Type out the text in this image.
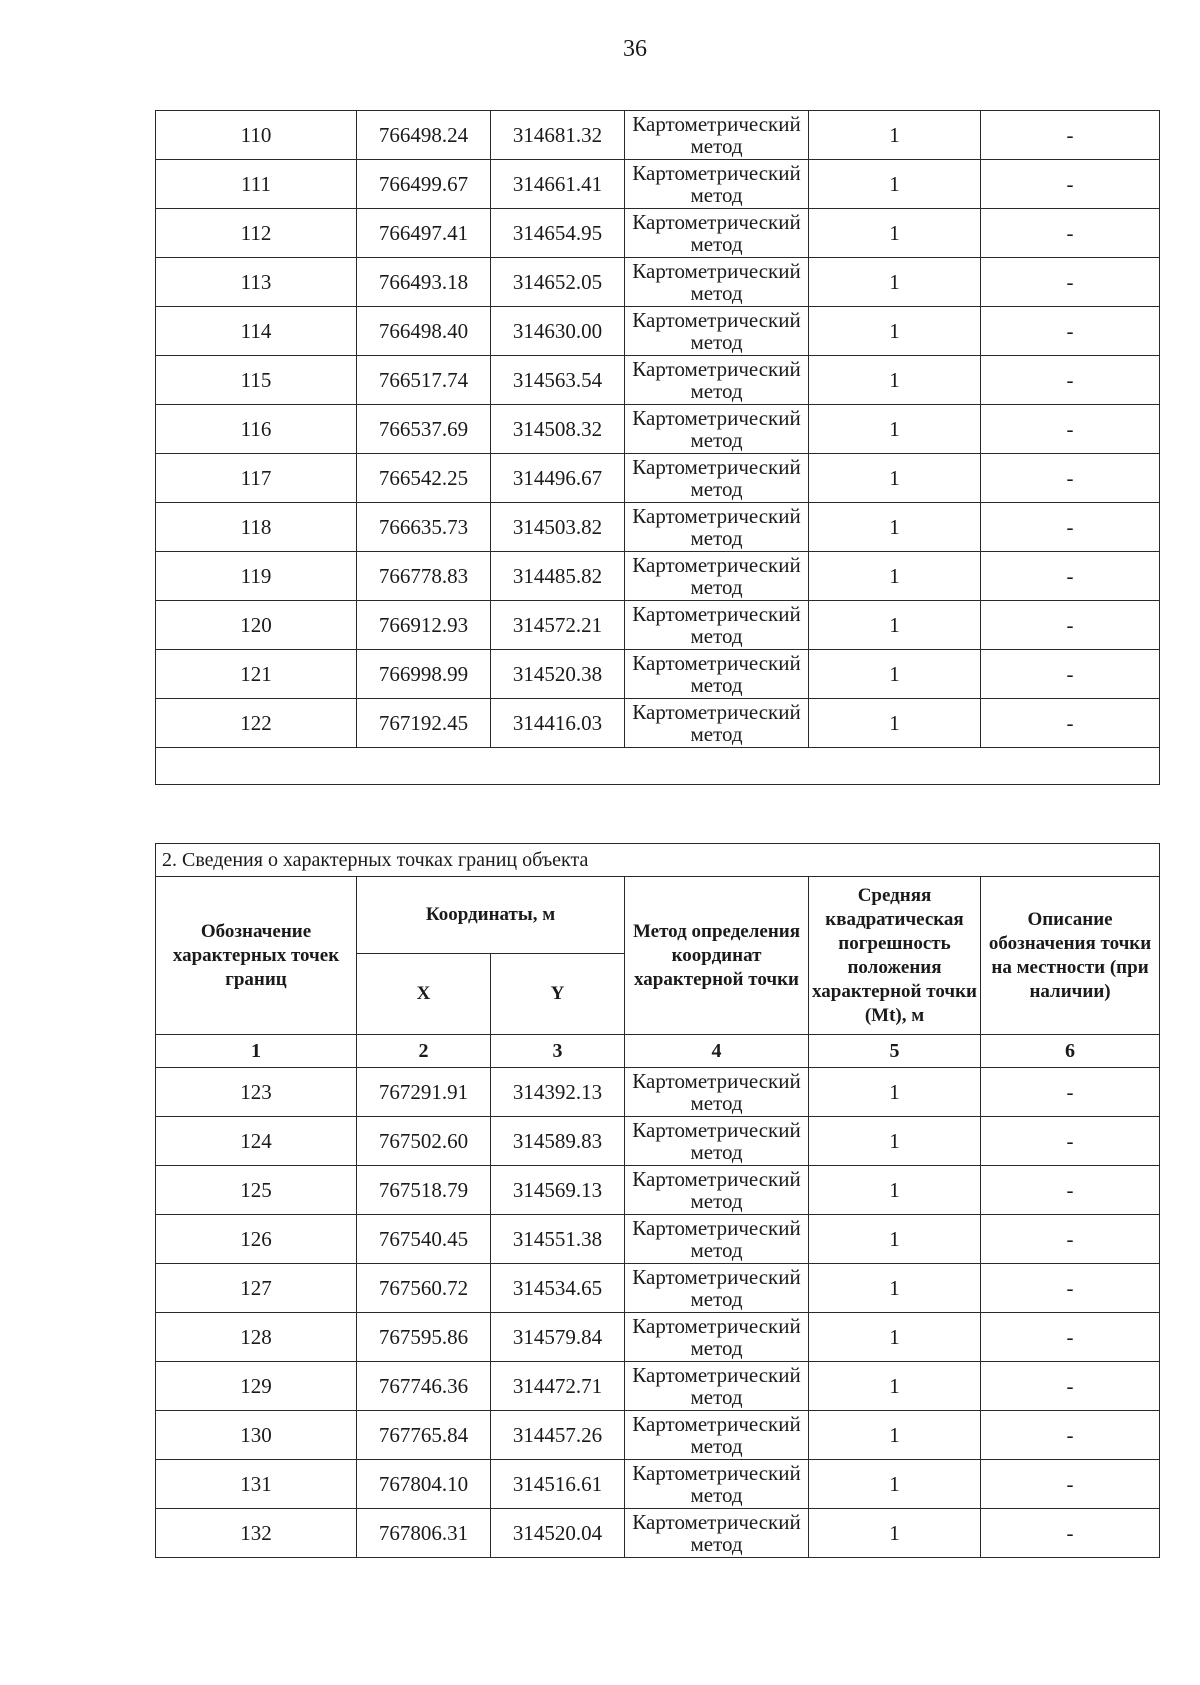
36
110	766498.24	314681.32	Картометрический метод	1	-
111	766499.67	314661.41	Картометрический метод	1	-
112	766497.41	314654.95	Картометрический метод	1	-
113	766493.18	314652.05	Картометрический метод	1	-
114	766498.40	314630.00	Картометрический метод	1	-
115	766517.74	314563.54	Картометрический метод	1	-
116	766537.69	314508.32	Картометрический метод	1	-
117	766542.25	314496.67	Картометрический метод	1	-
118	766635.73	314503.82	Картометрический метод	1	-
119	766778.83	314485.82	Картометрический метод	1	-
120	766912.93	314572.21	Картометрический метод	1	-
121	766998.99	314520.38	Картометрический метод	1	-
122	767192.45	314416.03	Картометрический метод	1	-

2. Сведения о характерных точках границ объекта					
Обозначение характерных точек границ	Координаты, м		Метод определения координат характерной точки	Средняя квадратическая погрешность положения характерной точки (Mt), м	Описание обозначения точки на местности (при наличии)
	X	Y			
1	2	3	4	5	6
123	767291.91	314392.13	Картометрический метод	1	-
124	767502.60	314589.83	Картометрический метод	1	-
125	767518.79	314569.13	Картометрический метод	1	-
126	767540.45	314551.38	Картометрический метод	1	-
127	767560.72	314534.65	Картометрический метод	1	-
128	767595.86	314579.84	Картометрический метод	1	-
129	767746.36	314472.71	Картометрический метод	1	-
130	767765.84	314457.26	Картометрический метод	1	-
131	767804.10	314516.61	Картометрический метод	1	-
132	767806.31	314520.04	Картометрический метод	1	-
